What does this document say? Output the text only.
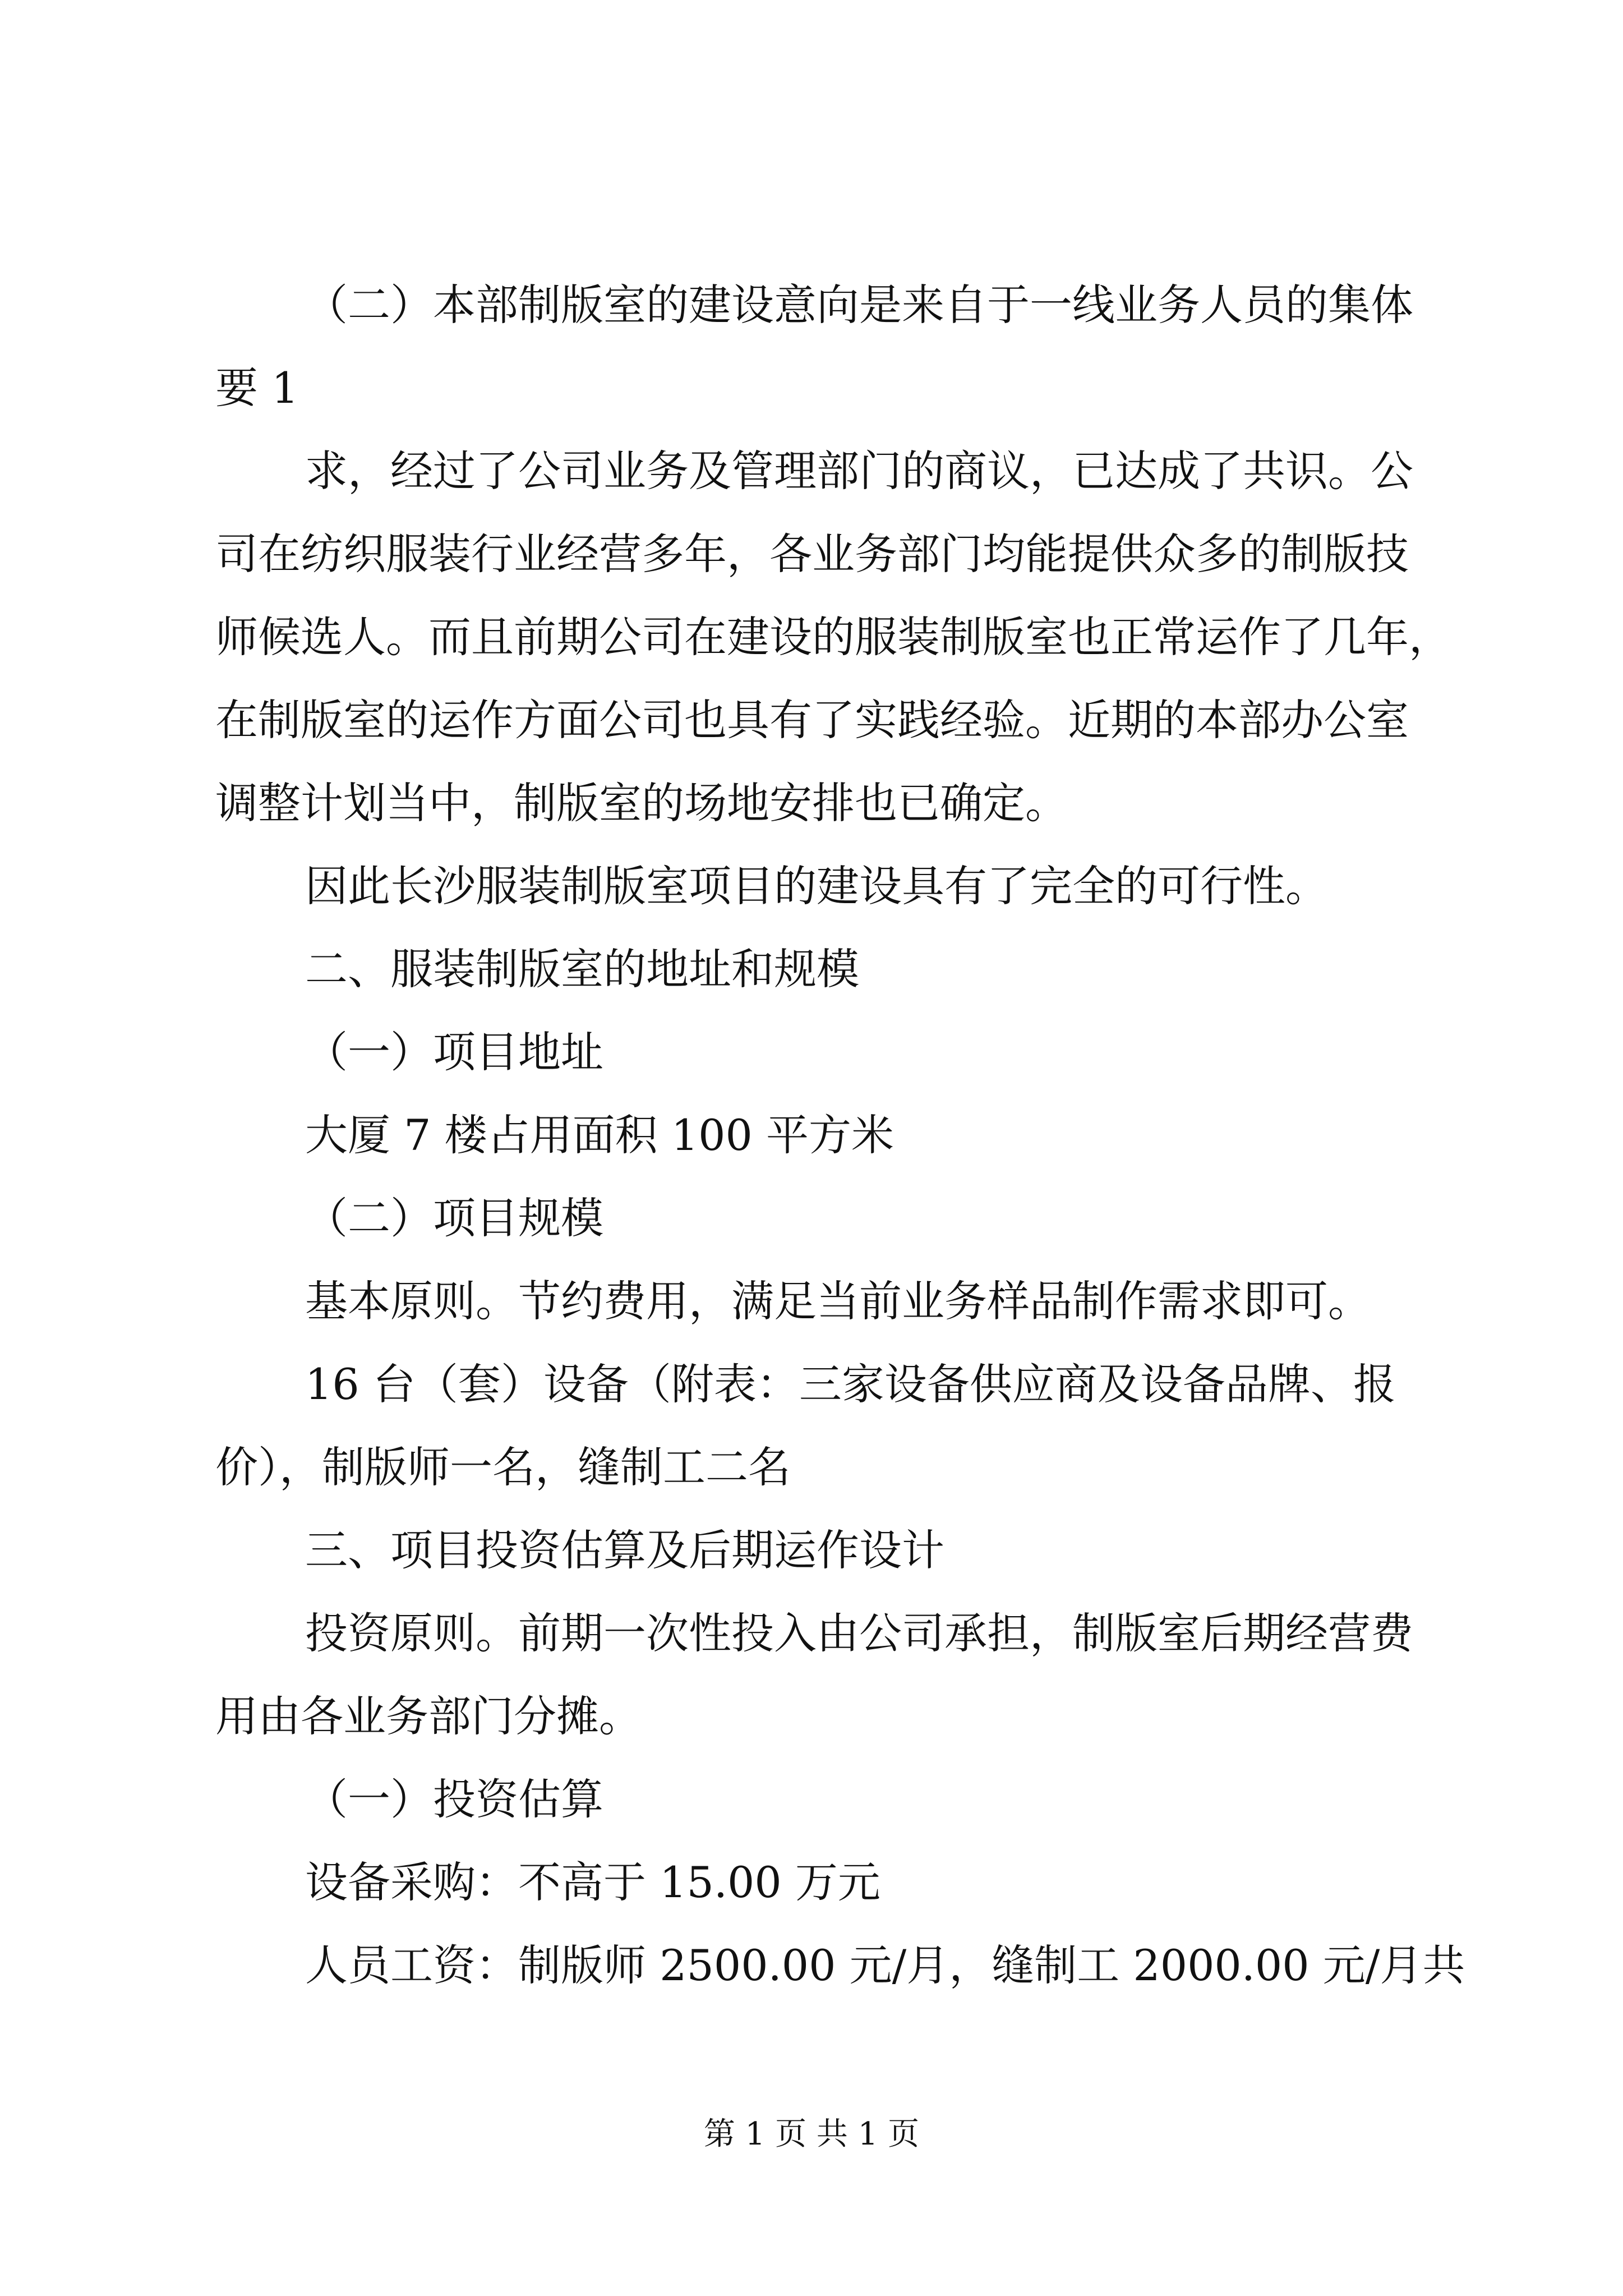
（二）本部制版室的建设意向是来自于一线业务人员的集体

要 1

求，经过了公司业务及管理部门的商议，已达成了共识。公

司在纺织服装行业经营多年，各业务部门均能提供众多的制版技

师候选人。而且前期公司在建设的服装制版室也正常运作了几年，

在制版室的运作方面公司也具有了实践经验。近期的本部办公室

调整计划当中，制版室的场地安排也已确定。

因此长沙服装制版室项目的建设具有了完全的可行性。

二、服装制版室的地址和规模

（一）项目地址

大厦 7 楼占用面积 100 平方米

（二）项目规模

基本原则。节约费用，满足当前业务样品制作需求即可。

16 台（套）设备（附表：三家设备供应商及设备品牌、报

价），制版师一名，缝制工二名

三、项目投资估算及后期运作设计

投资原则。前期一次性投入由公司承担，制版室后期经营费

用由各业务部门分摊。

（一）投资估算

设备采购：不高于 15.00 万元

人员工资：制版师 2500.00 元/月，缝制工 2000.00 元/月共

第 1 页 共 1 页
